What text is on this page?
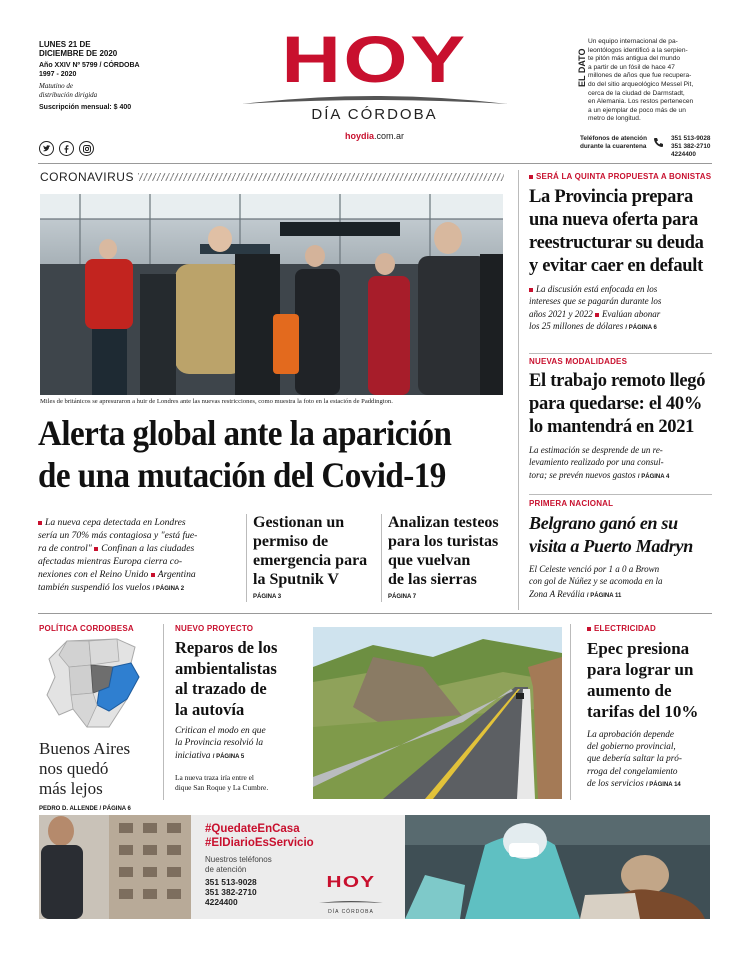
LUNES 21 DE
DICIEMBRE DE 2020
Año XXIV Nº 5799 / CÓRDOBA
1997 - 2020
Matutino de
distribución dirigida
Suscripción mensual: $ 400
HOY
DÍA CÓRDOBA
hoydia.com.ar
EL DATO
Un equipo internacional de pa-
leontólogos identificó a la serpien-
te pitón más antigua del mundo
a partir de un fósil de hace 47
millones de años que fue recupera-
do del sitio arqueológico Messel Pit,
cerca de la ciudad de Darmstadt,
en Alemania. Los restos pertenecen
a un ejemplar de poco más de un
metro de longitud.
Teléfonos de atención
durante la cuarentena
351 513-9028
351 382-2710
4224400
CORONAVIRUS
Miles de británicos se apresuraron a huir de Londres ante las nuevas restricciones, como muestra la foto en la estación de Paddington.
Alerta global ante la aparición
de una mutación del Covid-19
La nueva cepa detectada en Londres
sería un 70% más contagiosa y "está fue-
ra de control" Confinan a las ciudades
afectadas mientras Europa cierra co-
nexiones con el Reino Unido Argentina
también suspendió los vuelos / PÁGINA 2
Gestionan un
permiso de
emergencia para
la Sputnik V
PÁGINA 3
Analizan testeos
para los turistas
que vuelvan
de las sierras
PÁGINA 7
SERÁ LA QUINTA PROPUESTA A BONISTAS
La Provincia prepara
una nueva oferta para
reestructurar su deuda
y evitar caer en default
La discusión está enfocada en los
intereses que se pagarán durante los
años 2021 y 2022 Evalúan abonar
los 25 millones de dólares / PÁGINA 6
NUEVAS MODALIDADES
El trabajo remoto llegó
para quedarse: el 40%
lo mantendrá en 2021
La estimación se desprende de un re-
levamiento realizado por una consul-
tora; se prevén nuevos gastos / PÁGINA 4
PRIMERA NACIONAL
Belgrano ganó en su
visita a Puerto Madryn
El Celeste venció por 1 a 0 a Brown
con gol de Núñez y se acomoda en la
Zona A Revália / PÁGINA 11
POLÍTICA CORDOBESA
Buenos Aires
nos quedó
más lejos
PEDRO D. ALLENDE / PÁGINA 6
NUEVO PROYECTO
Reparos de los
ambientalistas
al trazado de
la autovía
Critican el modo en que
la Provincia resolvió la
iniciativa / PÁGINA 5
La nueva traza iría entre el
dique San Roque y La Cumbre.
ELECTRICIDAD
Epec presiona
para lograr un
aumento de
tarifas del 10%
La aprobación depende
del gobierno provincial,
que debería saltar la pró-
rroga del congelamiento
de los servicios / PÁGINA 14
#QuedateEnCasa
#ElDiarioEsServicio
Nuestros teléfonos
de atención
351 513-9028
351 382-2710
4224400
HOY
DÍA CÓRDOBA
